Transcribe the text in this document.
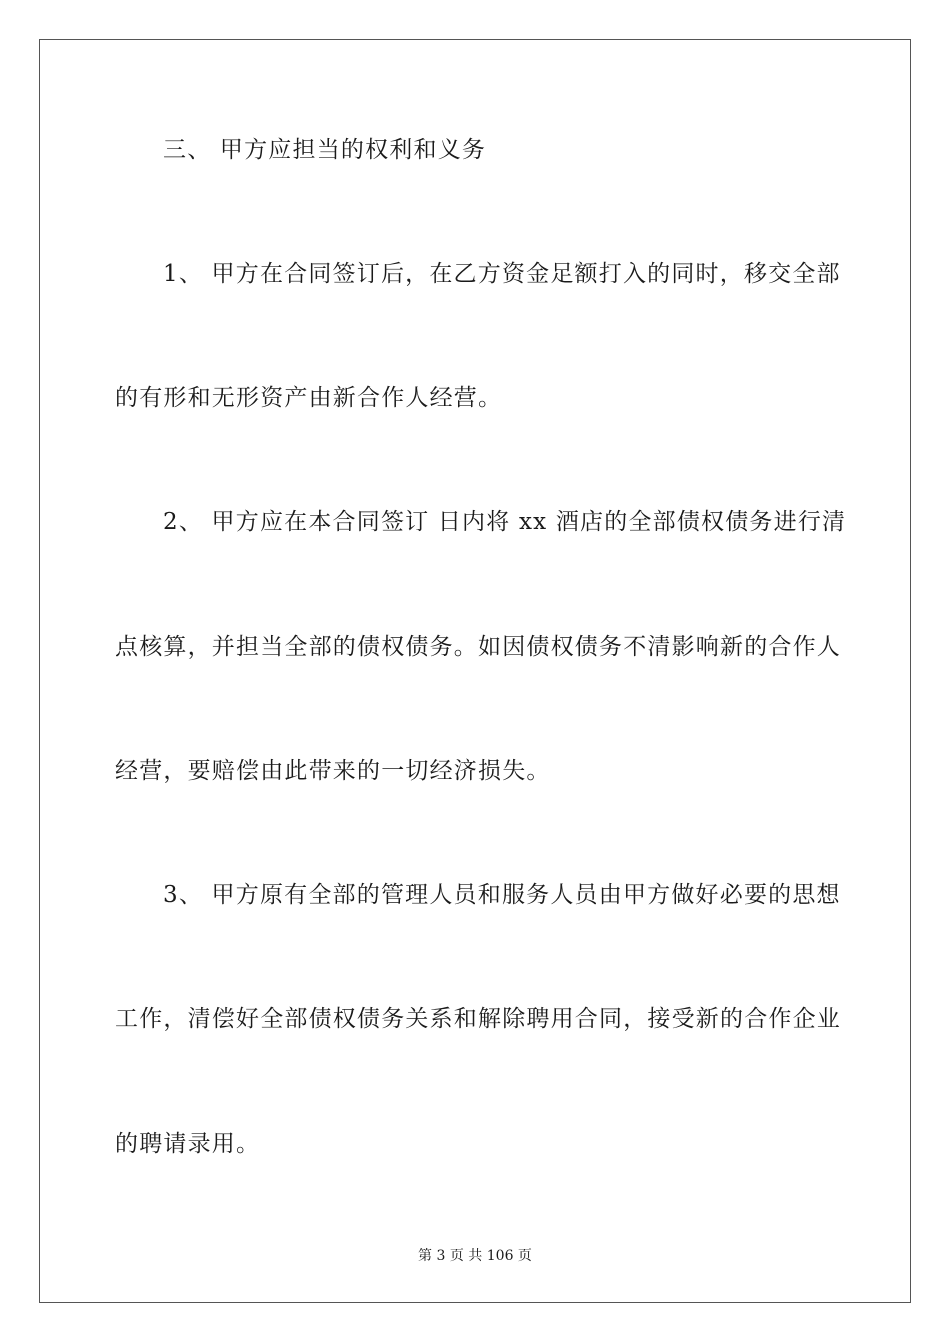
三、 甲方应担当的权利和义务
1、 甲方在合同签订后，在乙方资金足额打入的同时，移交全部
的有形和无形资产由新合作人经营。
2、 甲方应在本合同签订 日内将 xx 酒店的全部债权债务进行清
点核算，并担当全部的债权债务。如因债权债务不清影响新的合作人
经营，要赔偿由此带来的一切经济损失。
3、 甲方原有全部的管理人员和服务人员由甲方做好必要的思想
工作，清偿好全部债权债务关系和解除聘用合同，接受新的合作企业
的聘请录用。
第 3 页 共 106 页
